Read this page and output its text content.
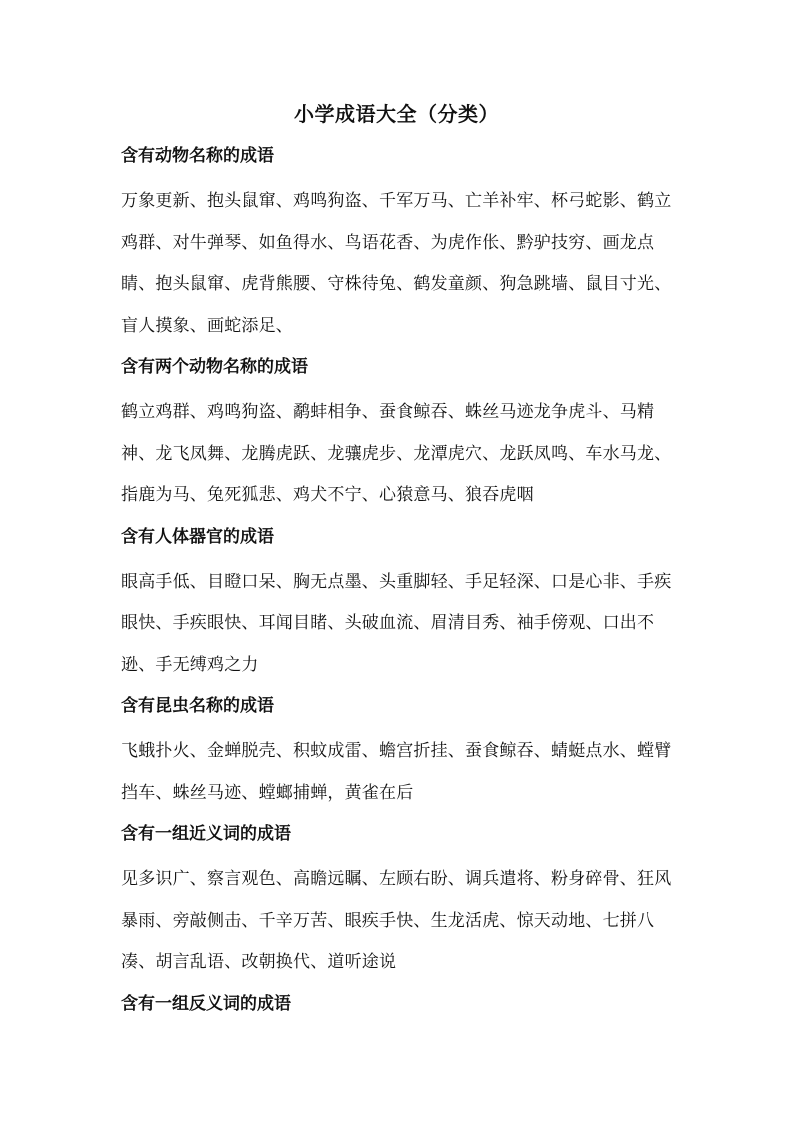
小学成语大全（分类）
含有动物名称的成语
万象更新、抱头鼠窜、鸡鸣狗盗、千军万马、亡羊补牢、杯弓蛇影、鹤立鸡群、对牛弹琴、如鱼得水、鸟语花香、为虎作伥、黔驴技穷、画龙点睛、抱头鼠窜、虎背熊腰、守株待兔、鹤发童颜、狗急跳墙、鼠目寸光、盲人摸象、画蛇添足、
含有两个动物名称的成语
鹤立鸡群、鸡鸣狗盗、鹬蚌相争、蚕食鲸吞、蛛丝马迹龙争虎斗、马精神、龙飞凤舞、龙腾虎跃、龙骧虎步、龙潭虎穴、龙跃凤鸣、车水马龙、指鹿为马、兔死狐悲、鸡犬不宁、心猿意马、狼吞虎咽
含有人体器官的成语
眼高手低、目瞪口呆、胸无点墨、头重脚轻、手足轻深、口是心非、手疾眼快、手疾眼快、耳闻目睹、头破血流、眉清目秀、袖手傍观、口出不逊、手无缚鸡之力
含有昆虫名称的成语
飞蛾扑火、金蝉脱壳、积蚊成雷、蟾宫折挂、蚕食鲸吞、蜻蜓点水、螳臂挡车、蛛丝马迹、螳螂捕蝉，黄雀在后
含有一组近义词的成语
见多识广、察言观色、高瞻远瞩、左顾右盼、调兵遣将、粉身碎骨、狂风暴雨、旁敲侧击、千辛万苦、眼疾手快、生龙活虎、惊天动地、七拼八凑、胡言乱语、改朝换代、道听途说
含有一组反义词的成语
